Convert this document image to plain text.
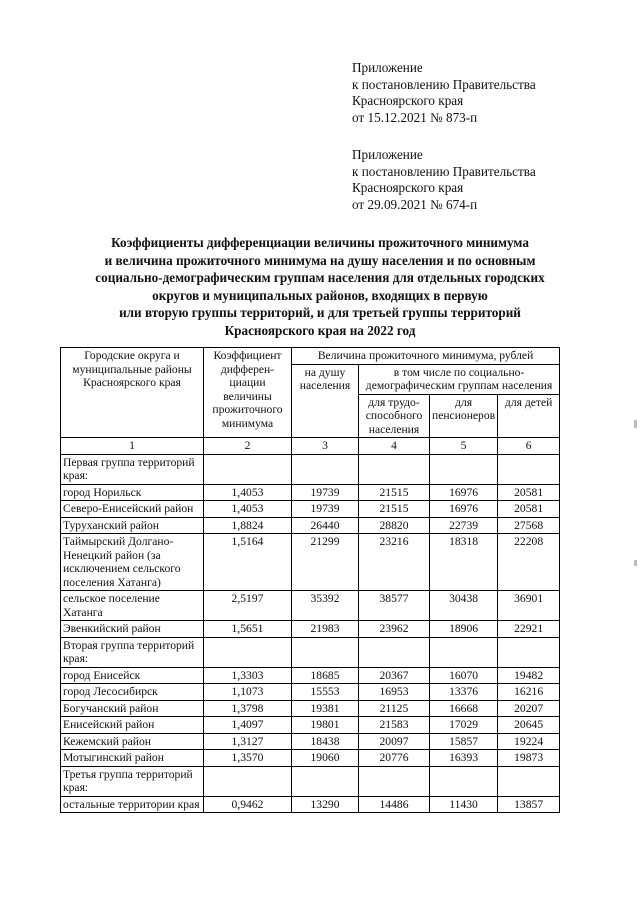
Приложение
к постановлению Правительства
Красноярского края
от 15.12.2021 № 873-п
Приложение
к постановлению Правительства
Красноярского края
от 29.09.2021 № 674-п
Коэффициенты дифференциации величины прожиточного минимума
и величина прожиточного минимума на душу населения и по основным
социально-демографическим группам населения для отдельных городских
округов и муниципальных районов, входящих в первую
или вторую группы территорий, и для третьей группы территорий
Красноярского края на 2022 год
Городские округа и муниципальные районы Красноярского края	Коэффициент дифферен-циации величины прожиточного минимума	Величина прожиточного минимума, рублей			
		на душу населения	в том числе по социально-демографическим группам населения		
			для трудо-способного населения	для пенсионеров	для детей
1	2	3	4	5	6
Первая группа территорий края:					
город Норильск	1,4053	19739	21515	16976	20581
Северо-Енисейский район	1,4053	19739	21515	16976	20581
Туруханский район	1,8824	26440	28820	22739	27568
Таймырский Долгано-Ненецкий район (за исключением сельского поселения Хатанга)	1,5164	21299	23216	18318	22208
сельское поселение Хатанга	2,5197	35392	38577	30438	36901
Эвенкийский район	1,5651	21983	23962	18906	22921
Вторая группа территорий края:					
город Енисейск	1,3303	18685	20367	16070	19482
город Лесосибирск	1,1073	15553	16953	13376	16216
Богучанский район	1,3798	19381	21125	16668	20207
Енисейский район	1,4097	19801	21583	17029	20645
Кежемский район	1,3127	18438	20097	15857	19224
Мотыгинский район	1,3570	19060	20776	16393	19873
Третья группа территорий края:					
остальные территории края	0,9462	13290	14486	11430	13857
